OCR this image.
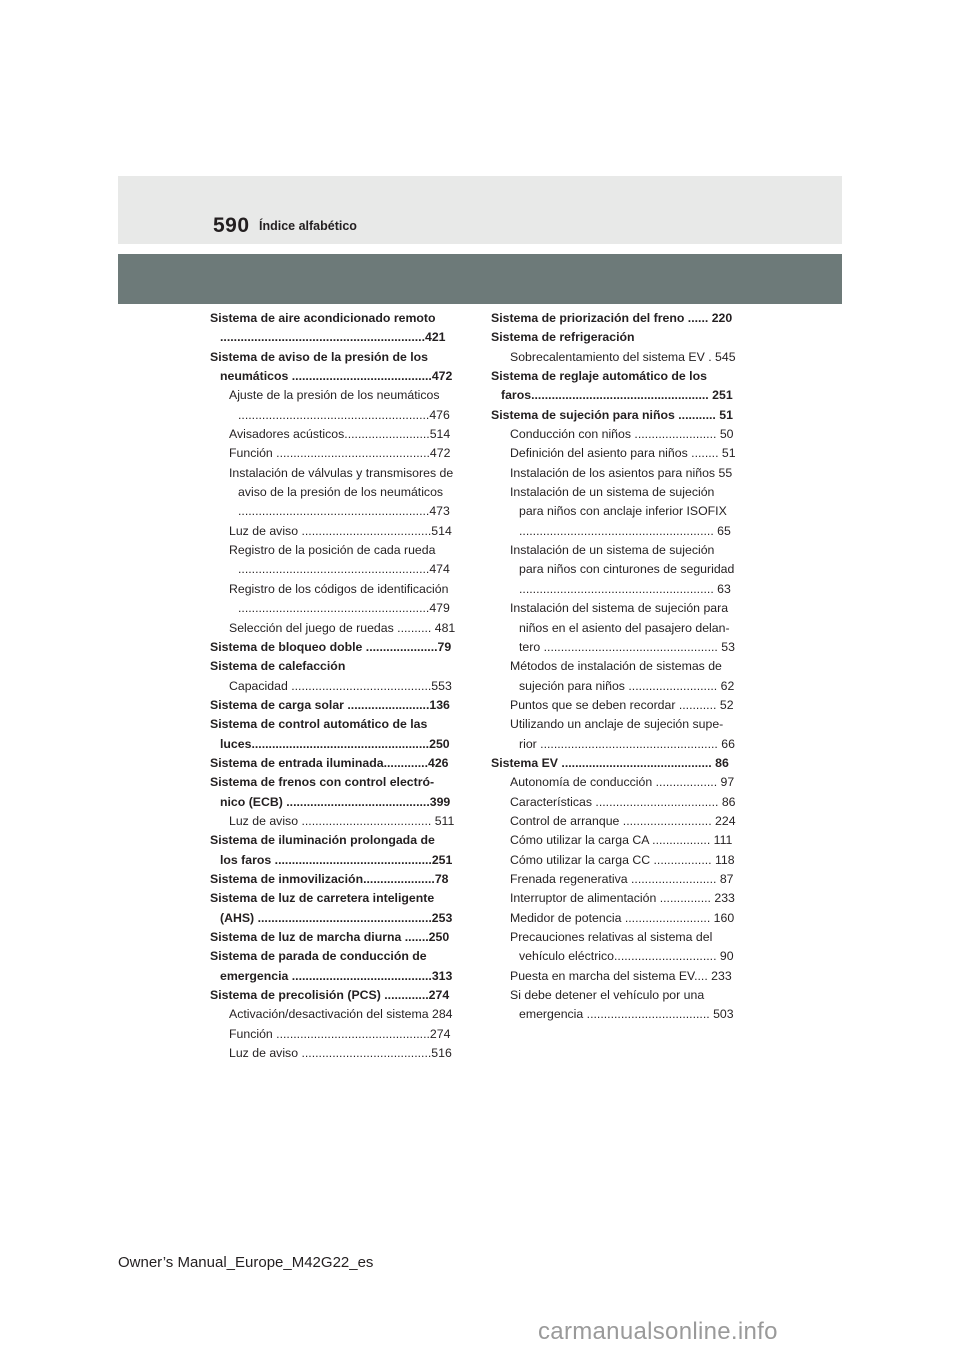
590 Índice alfabético
Sistema de aire acondicionado remoto
............................................................421
Sistema de aviso de la presión de los
neumáticos .........................................472
Ajuste de la presión de los neumáticos
........................................................476
Avisadores acústicos.........................514
Función .............................................472
Instalación de válvulas y transmisores de
aviso de la presión de los neumáticos
........................................................473
Luz de aviso ......................................514
Registro de la posición de cada rueda
........................................................474
Registro de los códigos de identificación
........................................................479
Selección del juego de ruedas .......... 481
Sistema de bloqueo doble .....................79
Sistema de calefacción
Capacidad .........................................553
Sistema de carga solar ........................136
Sistema de control automático de las
luces....................................................250
Sistema de entrada iluminada.............426
Sistema de frenos con control electró-
nico (ECB) ..........................................399
Luz de aviso ...................................... 511
Sistema de iluminación prolongada de
los faros ..............................................251
Sistema de inmovilización.....................78
Sistema de luz de carretera inteligente
(AHS) ...................................................253
Sistema de luz de marcha diurna .......250
Sistema de parada de conducción de
emergencia .........................................313
Sistema de precolisión (PCS) .............274
Activación/desactivación del sistema 284
Función .............................................274
Luz de aviso ......................................516
Sistema de priorización del freno ...... 220
Sistema de refrigeración
Sobrecalentamiento del sistema EV . 545
Sistema de reglaje automático de los
faros.................................................... 251
Sistema de sujeción para niños ........... 51
Conducción con niños ........................ 50
Definición del asiento para niños ........ 51
Instalación de los asientos para niños 55
Instalación de un sistema de sujeción
para niños con anclaje inferior ISOFIX
......................................................... 65
Instalación de un sistema de sujeción
para niños con cinturones de seguridad
......................................................... 63
Instalación del sistema de sujeción para
niños en el asiento del pasajero delan-
tero ................................................... 53
Métodos de instalación de sistemas de
sujeción para niños .......................... 62
Puntos que se deben recordar ........... 52
Utilizando un anclaje de sujeción supe-
rior .................................................... 66
Sistema EV ............................................ 86
Autonomía de conducción .................. 97
Características .................................... 86
Control de arranque .......................... 224
Cómo utilizar la carga CA ................. 111
Cómo utilizar la carga CC ................. 118
Frenada regenerativa ......................... 87
Interruptor de alimentación ............... 233
Medidor de potencia ......................... 160
Precauciones relativas al sistema del
vehículo eléctrico.............................. 90
Puesta en marcha del sistema EV.... 233
Si debe detener el vehículo por una
emergencia .................................... 503
Owner’s Manual_Europe_M42G22_es
carmanualsonline.info
